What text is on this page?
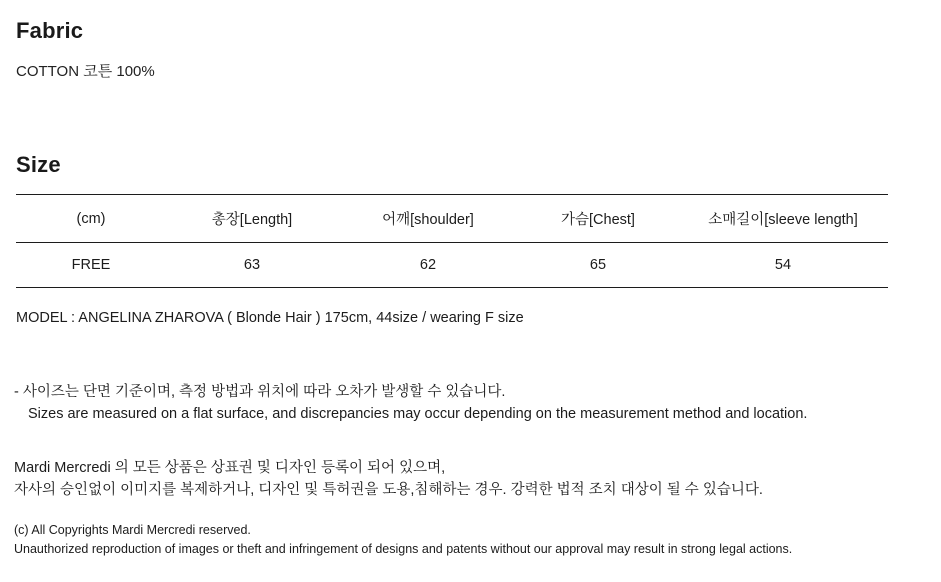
Fabric
COTTON 코튼 100%
Size
(cm)	총장[Length]	어깨[shoulder]	가슴[Chest]	소매길이[sleeve length]
FREE	63	62	65	54
MODEL : ANGELINA ZHAROVA ( Blonde Hair ) 175cm, 44size / wearing F size
- 사이즈는 단면 기준이며, 측정 방법과 위치에 따라 오차가 발생할 수 있습니다.
Sizes are measured on a flat surface, and discrepancies may occur depending on the measurement method and location.
Mardi Mercredi 의 모든 상품은 상표권 및 디자인 등록이 되어 있으며,
자사의 승인없이 이미지를 복제하거나, 디자인 및 특허권을 도용,침해하는 경우. 강력한 법적 조치 대상이 될 수 있습니다.
(c) All Copyrights Mardi Mercredi reserved.
Unauthorized reproduction of images or theft and infringement of designs and patents without our approval may result in strong legal actions.
